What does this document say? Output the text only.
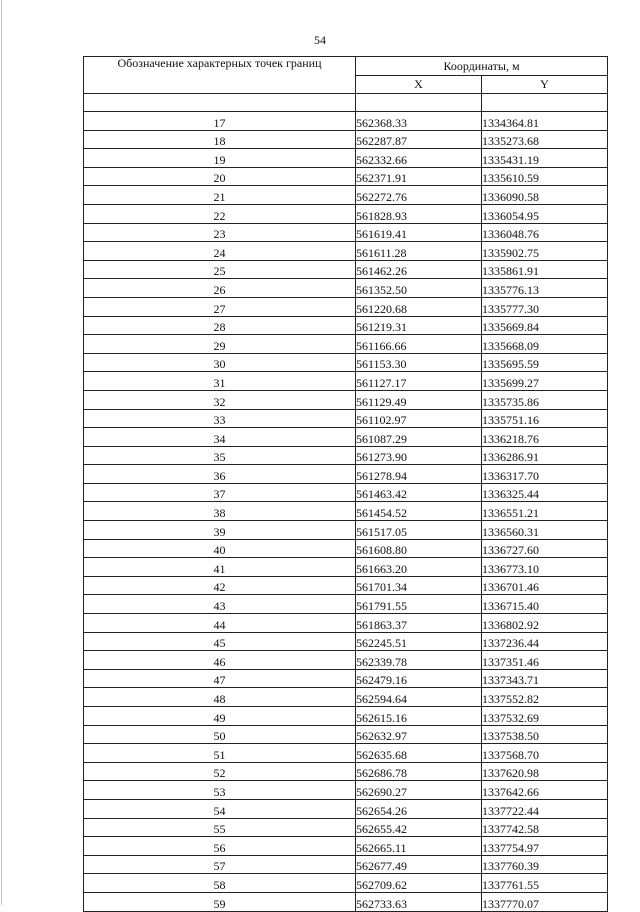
54
Обозначение характерных точек границ	Координаты, м	
	X	Y

17	562368.33	1334364.81
18	562287.87	1335273.68
19	562332.66	1335431.19
20	562371.91	1335610.59
21	562272.76	1336090.58
22	561828.93	1336054.95
23	561619.41	1336048.76
24	561611.28	1335902.75
25	561462.26	1335861.91
26	561352.50	1335776.13
27	561220.68	1335777.30
28	561219.31	1335669.84
29	561166.66	1335668.09
30	561153.30	1335695.59
31	561127.17	1335699.27
32	561129.49	1335735.86
33	561102.97	1335751.16
34	561087.29	1336218.76
35	561273.90	1336286.91
36	561278.94	1336317.70
37	561463.42	1336325.44
38	561454.52	1336551.21
39	561517.05	1336560.31
40	561608.80	1336727.60
41	561663.20	1336773.10
42	561701.34	1336701.46
43	561791.55	1336715.40
44	561863.37	1336802.92
45	562245.51	1337236.44
46	562339.78	1337351.46
47	562479.16	1337343.71
48	562594.64	1337552.82
49	562615.16	1337532.69
50	562632.97	1337538.50
51	562635.68	1337568.70
52	562686.78	1337620.98
53	562690.27	1337642.66
54	562654.26	1337722.44
55	562655.42	1337742.58
56	562665.11	1337754.97
57	562677.49	1337760.39
58	562709.62	1337761.55
59	562733.63	1337770.07
